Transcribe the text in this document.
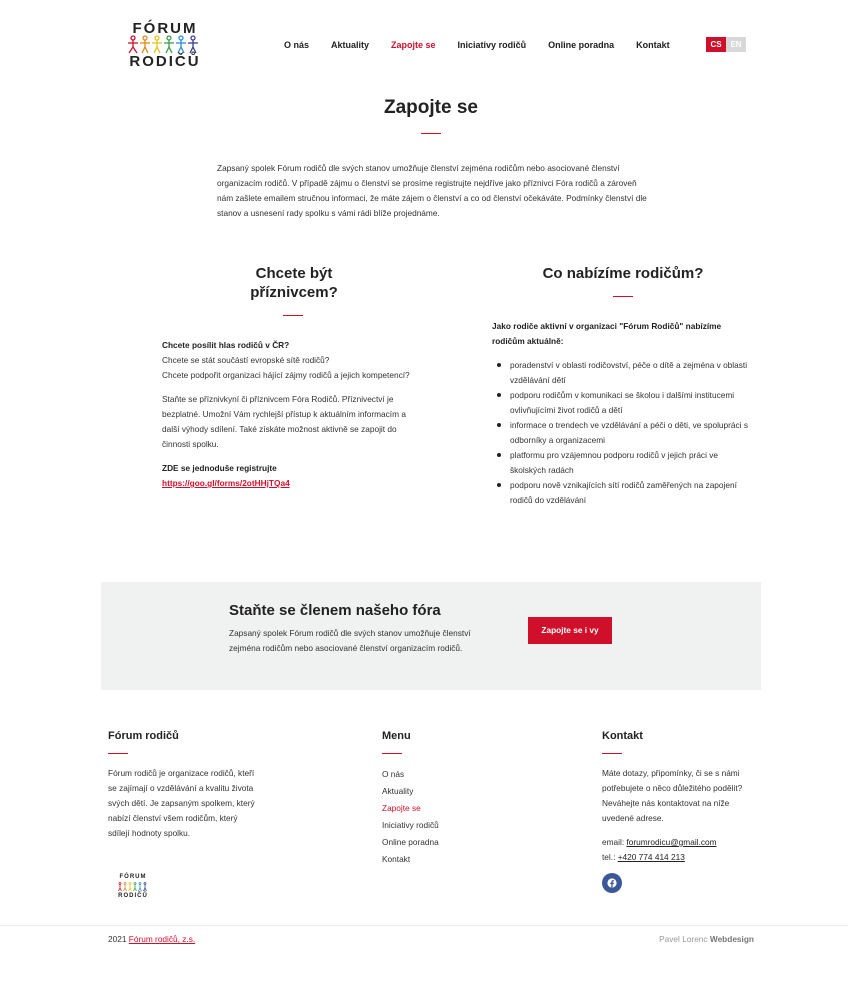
FÓRUM
RODIČŮ
O nás Aktuality Zapojte se Iniciativy rodičů Online poradna Kontakt	CS	EN
Zapojte se

Zapsaný spolek Fórum rodičů dle svých stanov umožňuje členství zejména rodičům nebo asociované členství organizacím rodičů. V případě zájmu o členství se prosíme registrujte nejdříve jako příznivci Fóra rodičů a zároveň nám zašlete emailem stručnou informaci, že máte zájem o členství a co od členství očekáváte. Podmínky členství dle stanov a usnesení rady spolku s vámi rádi blíže projednáme.

Chcete být
příznivcem?

Chcete posílit hlas rodičů v ČR?
Chcete se stát součástí evropské sítě rodičů?
Chcete podpořit organizaci hájící zájmy rodičů a jejich kompetencí?

Staňte se příznivkyní či příznivcem Fóra Rodičů. Příznivectví je bezplatné. Umožní Vám rychlejší přístup k aktuálním informacím a další výhody sdílení. Také získáte možnost aktivně se zapojit do činnosti spolku.

ZDE se jednoduše registrujte
https://goo.gl/forms/2otHHjTQa4

Co nabízíme rodičům?

Jako rodiče aktivní v organizaci "Fórum Rodičů" nabízíme rodičům aktuálně:

poradenství v oblasti rodičovství, péče o dítě a zejména v oblasti vzdělávání dětí
podporu rodičům v komunikaci se školou i dalšími institucemi ovlivňujícími život rodičů a dětí
informace o trendech ve vzdělávání a péči o děti, ve spolupráci s odborníky a organizacemi
platformu pro vzájemnou podporu rodičů v jejich práci ve školských radách
podporu nově vznikajících sítí rodičů zaměřených na zapojení rodičů do vzdělávání
Staňte se členem našeho fóra
Zapsaný spolek Fórum rodičů dle svých stanov umožňuje členství zejména rodičům nebo asociované členství organizacím rodičů.
Zapojte se i vy
Fórum rodičů

Fórum rodičů je organizace rodičů, kteří se zajímají o vzdělávání a kvalitu života svých dětí. Je zapsaným spolkem, který nabízí členství všem rodičům, který sdílejí hodnoty spolku.

FÓRUM
RODIČŮ
Menu
O nás
Aktuality
Zapojte se
Iniciativy rodičů
Online poradna
Kontakt
Kontakt

Máte dotazy, připomínky, či se s námi potřebujete o něco důležitého podělit? Neváhejte nás kontaktovat na níže uvedené adrese.

email: forumrodicu@gmail.com
tel.: +420 774 414 213
2021 Fórum rodičů, z.s.	Pavel Lorenc Webdesign
